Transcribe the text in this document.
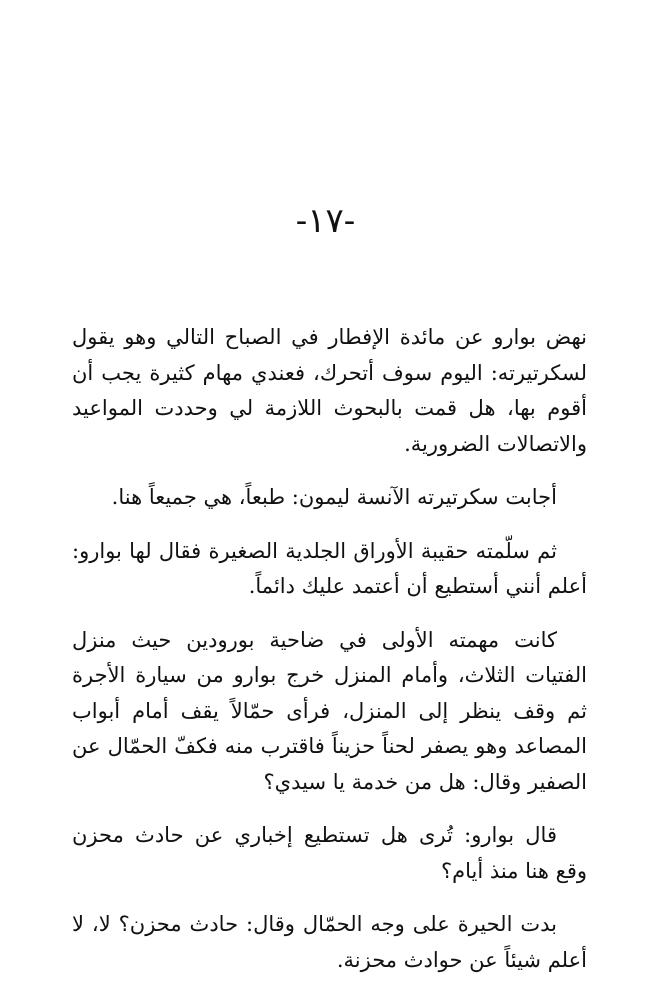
-١٧-

نهض بوارو عن مائدة الإفطار في الصباح التالي وهو يقول لسكرتيرته: اليوم سوف أتحرك، فعندي مهام كثيرة يجب أن أقوم بها، هل قمت بالبحوث اللازمة لي وحددت المواعيد والاتصالات الضرورية.

أجابت سكرتيرته الآنسة ليمون: طبعاً، هي جميعاً هنا.

ثم سلّمته حقيبة الأوراق الجلدية الصغيرة فقال لها بوارو: أعلم أنني أستطيع أن أعتمد عليك دائماً.

كانت مهمته الأولى في ضاحية بورودين حيث منزل الفتيات الثلاث، وأمام المنزل خرج بوارو من سيارة الأجرة ثم وقف ينظر إلى المنزل، فرأى حمّالاً يقف أمام أبواب المصاعد وهو يصفر لحناً حزيناً فاقترب منه فكفّ الحمّال عن الصفير وقال: هل من خدمة يا سيدي؟

قال بوارو: تُرى هل تستطيع إخباري عن حادث محزن وقع هنا منذ أيام؟

بدت الحيرة على وجه الحمّال وقال: حادث محزن؟ لا، لا أعلم شيئاً عن حوادث محزنة.
